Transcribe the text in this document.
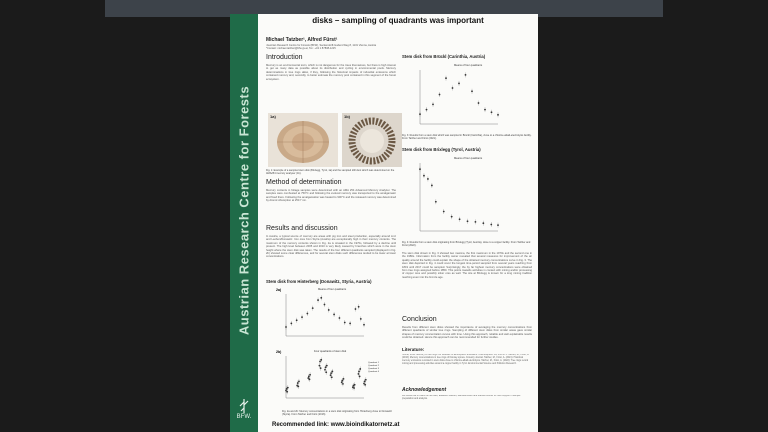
Austrian Research Centre for Forests
BFW.
disks – sampling of quadrants was important
Michael Tatzber¹, Alfred Fürst¹
¹Austrian Research Centre for Forests (BFW), Seckendorff-Gudent-Weg 8, 1131 Vienna, Austria
*Contact: michael.tatzber@bfw.gv.at, Tel.: +43 1 87838-1215
Introduction
Mercury is an environmental toxin, which is not dangerous for the trees themselves, but there is high interest to get as many data as possible about its distribution and cycling in environmental pools. Mercury determinations in tree rings allow, if they, following the historical impacts of industrial emissions which contained mercury and, secondly, to better estimate the mercury pool contained in this segment of the forest ecosystem.
1a)	1b)
Fig. 1: Example of a sampled stem disk (Brixlegg, Tyrol, 1a) and the sampled drill dust which was determined on the AMA254 mercury analyser (1b).
Method of determination
Mercury contents in foliage samples were determined with an AMA 254 Advanced Mercury Analyzer. The samples were combusted at 750°C and following the evolved mercury was transported to the amalgamator and fixed there. Following the amalgamation was heated to 900°C and the released mercury was determined by Atomic Absorption at 253.7 nm.
Results and discussion
In Austria, a typical source of mercury are areas with pig iron and steel production, especially around Linz and Leoben/Donawitz. Iron ores from Styria (Austria) are exceptionally high in their mercury contents. The maximum of the mercury contents shown in Fig. 2a is situated in the 1970s, followed by a decline until present. The high level between 2005 and 2010 is very likely caused by branches which were in the stem height where the stem disk was taken. The results of the four different quadrants sampled (displayed in Fig. 2b) showed some clear differences, and for several stem disks such differences tended to be lower at lower concentrations.
Stem disk from Hinterberg (Donawitz, Styria, Austria)
2a)	Means of four quadrants
2b)	Four quadrants of stem disk
Quadrant 1
Quadrant 2
Quadrant 3
Quadrant 4
Fig. 2a and 2b: Mercury concentrations in a stem disk originating from Hinterberg close to Donawitz (Styria). From Tatzber and Fürst (2016)
Recommended link: www.bioindikatornetz.at
Stem disk from Brückl (Carinthia, Austria)
Means of four quadrants
Fig. 3: Results from a stem disk which was sampled in Brückl (Carinthia), close to a chlorine-alkali-electrolysis facility. From Tatzber and Fürst (2021).
Stem disk from Brixlegg (Tyrol, Austria)
Means of four quadrants
Fig. 4: Results from a stem disk originating from Brixlegg (Tyrol, Austria), close to a copper facility. From Tatzber and Fürst (2022).
The stem disk shown in Fig. 3 showed two maxima, the first maximum in the 1970s and the second one in the 1980s. Information from the facility owner revealed that several measures for improvement of the air quality around the facility could explain the shape of the obtained mercury concentrations curve in Fig. 3. The stem disk depicted in Fig. 4 could cover the longest time-period sampled from several years reaching from 1819 until 2017 could be sampled. Surprisingly, the by far highest mercury concentrations were obtained from tree rings assigned before 1850. This points towards activities in context with mining and/or processing of copper ores and possibly silver ores as well. The site at Brixlegg is known for a long mining tradition reaching even into the bronze age.
Conclusion
Results from different stem disks showed the importance of averaging the mercury concentrations from different quadrants of similar tree rings. Sampling of different stem disks from similar areas gave similar shapes of mercury concentration curves with time. Using this approach, reliable and well explainable results could be obtained. Hence this approach can be recommended for further studies.
Literature:
Hulme, 2010: Mercury in tree rings: An indicator of atmospheric emissions. Chemosphere. 89, 456–471. Tatzber, M., Fürst, A. (2016): Mercury concentrations in tree rings of Norway spruce. Forestry Journal. Tatzber, M., Fürst, A. (2021): Historical mercury emissions recorded in stem disks close to chlorine-alkali electrolysis. Tatzber, M., Fürst, A. (2022): Tree rings record mining and processing activities around a copper facility in Tyrol. Environmental Science and Pollution Research.
Acknowledgement
We would like to thank our lab staff, Elisabeth Wallner, Barbara Reiter and Martina Ketzler for their support in sample preparation and analysis.
